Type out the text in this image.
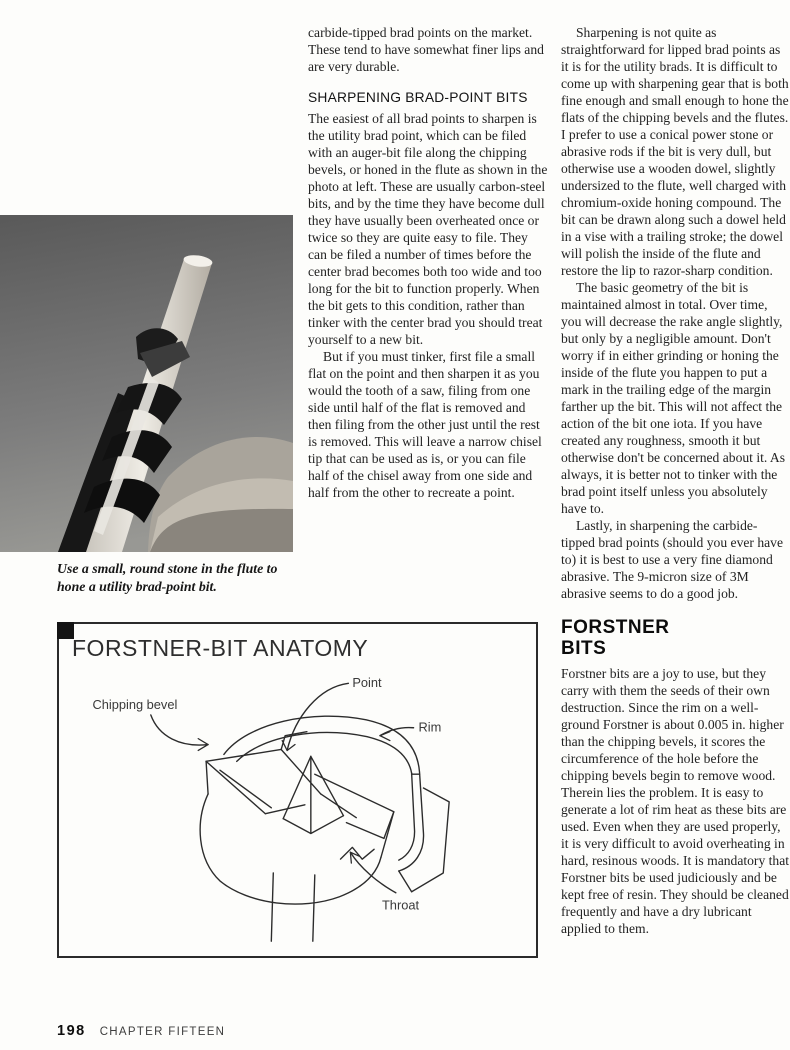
carbide-tipped brad points on the market. These tend to have somewhat finer lips and are very durable.

SHARPENING BRAD-POINT BITS

The easiest of all brad points to sharpen is the utility brad point, which can be filed with an auger-bit file along the chipping bevels, or honed in the flute as shown in the photo at left. These are usually carbon-steel bits, and by the time they have become dull they have usually been overheated once or twice so they are quite easy to file. They can be filed a number of times before the center brad becomes both too wide and too long for the bit to function properly. When the bit gets to this condition, rather than tinker with the center brad you should treat yourself to a new bit.

But if you must tinker, first file a small flat on the point and then sharpen it as you would the tooth of a saw, filing from one side until half of the flat is removed and then filing from the other just until the rest is removed. This will leave a narrow chisel tip that can be used as is, or you can file half of the chisel away from one side and half from the other to recreate a point.

Sharpening is not quite as straightforward for lipped brad points as it is for the utility brads. It is difficult to come up with sharpening gear that is both fine enough and small enough to hone the flats of the chipping bevels and the flutes. I prefer to use a conical power stone or abrasive rods if the bit is very dull, but otherwise use a wooden dowel, slightly undersized to the flute, well charged with chromium-oxide honing compound. The bit can be drawn along such a dowel held in a vise with a trailing stroke; the dowel will polish the inside of the flute and restore the lip to razor-sharp condition.

The basic geometry of the bit is maintained almost in total. Over time, you will decrease the rake angle slightly, but only by a negligible amount. Don't worry if in either grinding or honing the inside of the flute you happen to put a mark in the trailing edge of the margin farther up the bit. This will not affect the action of the bit one iota. If you have created any roughness, smooth it but otherwise don't be concerned about it. As always, it is better not to tinker with the brad point itself unless you absolutely have to.

Lastly, in sharpening the carbide-tipped brad points (should you ever have to) it is best to use a very fine diamond abrasive. The 9-micron size of 3M abrasive seems to do a good job.

FORSTNER
BITS

Forstner bits are a joy to use, but they carry with them the seeds of their own destruction. Since the rim on a well-ground Forstner is about 0.005 in. higher than the chipping bevels, it scores the circumference of the hole before the chipping bevels begin to remove wood. Therein lies the problem. It is easy to generate a lot of rim heat as these bits are used. Even when they are used properly, it is very difficult to avoid overheating in hard, resinous woods. It is mandatory that Forstner bits be used judiciously and be kept free of resin. They should be cleaned frequently and have a dry lubricant applied to them.

Use a small, round stone in the flute to hone a utility brad-point bit.
FORSTNER-BIT ANATOMY
Point
Chipping bevel
Rim
Throat
198 CHAPTER FIFTEEN
